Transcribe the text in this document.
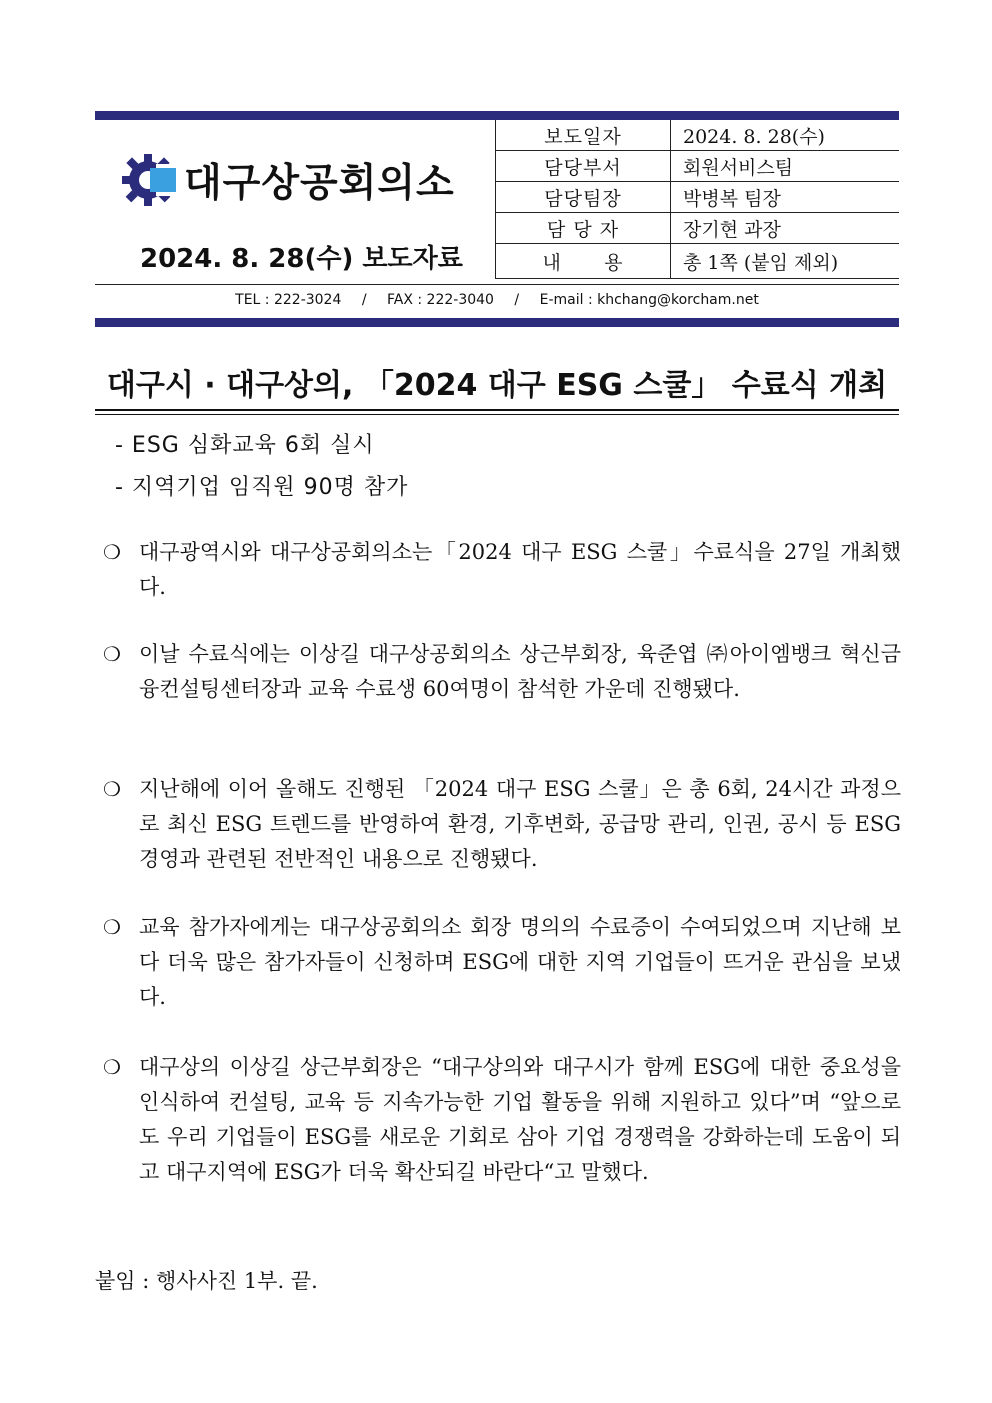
대구상공회의소
2024. 8. 28(수) 보도자료
보도일자	2024. 8. 28(수)
담당부서	회원서비스팀
담당팀장	박병복 팀장
담 당 자	장기현 과장
내      용	총 1쪽 (붙임 제외)
TEL : 222-3024 / FAX : 222-3040 / E-mail : khchang@korcham.net
대구시 · 대구상의, 「2024 대구 ESG 스쿨」 수료식 개최
- ESG 심화교육 6회 실시
- 지역기업 임직원 90명 참가
❍ 대구광역시와 대구상공회의소는「2024 대구 ESG 스쿨」수료식을 27일 개최했다.
❍ 이날 수료식에는 이상길 대구상공회의소 상근부회장, 육준엽 ㈜아이엠뱅크 혁신금융컨설팅센터장과 교육 수료생 60여명이 참석한 가운데 진행됐다.
❍ 지난해에 이어 올해도 진행된 「2024 대구 ESG 스쿨」은 총 6회, 24시간 과정으로 최신 ESG 트렌드를 반영하여 환경, 기후변화, 공급망 관리, 인권, 공시 등 ESG 경영과 관련된 전반적인 내용으로 진행됐다.
❍ 교육 참가자에게는 대구상공회의소 회장 명의의 수료증이 수여되었으며 지난해 보다 더욱 많은 참가자들이 신청하며 ESG에 대한 지역 기업들이 뜨거운 관심을 보냈다.
❍ 대구상의 이상길 상근부회장은 “대구상의와 대구시가 함께 ESG에 대한 중요성을 인식하여 컨설팅, 교육 등 지속가능한 기업 활동을 위해 지원하고 있다”며 “앞으로도 우리 기업들이 ESG를 새로운 기회로 삼아 기업 경쟁력을 강화하는데 도움이 되고 대구지역에 ESG가 더욱 확산되길 바란다“고 말했다.
붙임 : 행사사진 1부. 끝.
